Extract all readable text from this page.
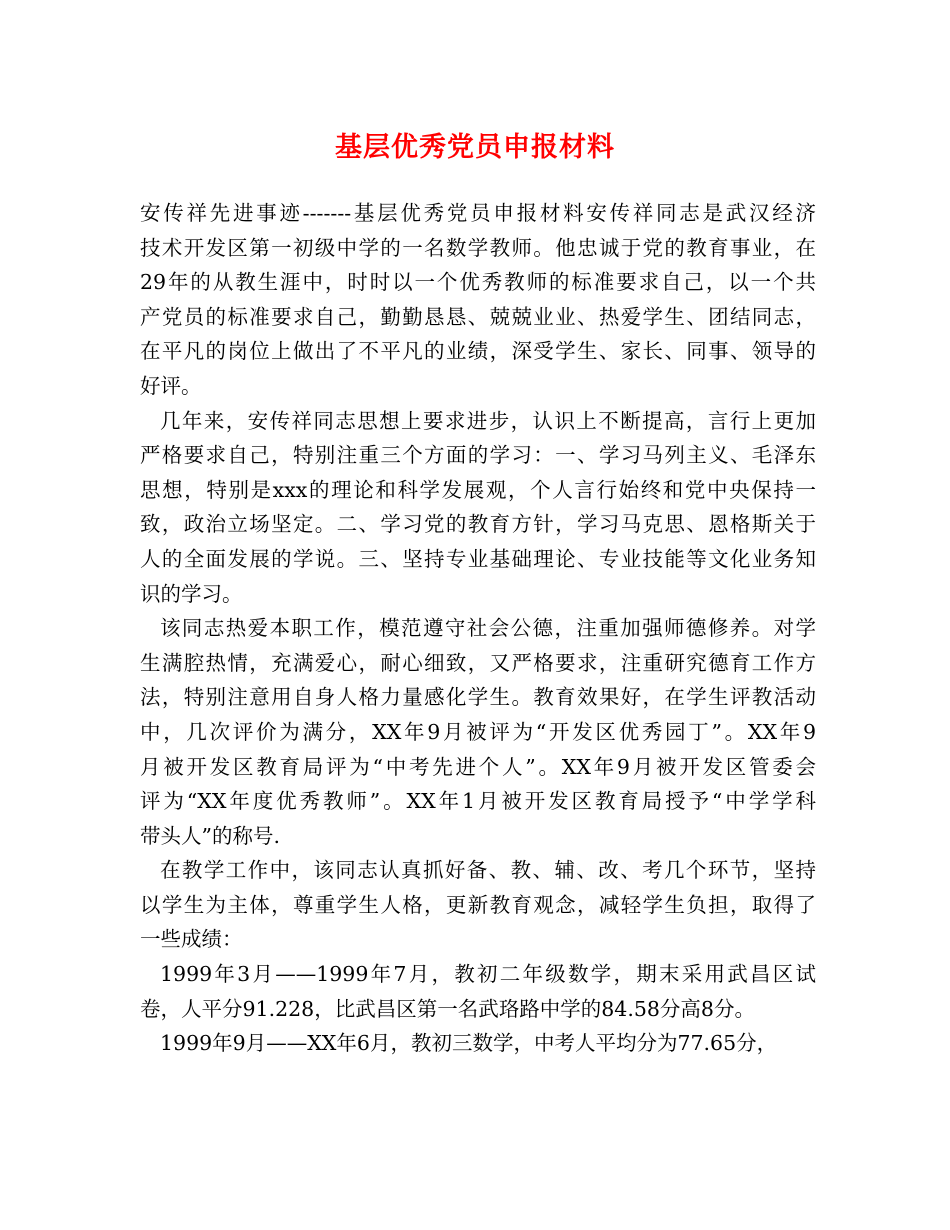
基层优秀党员申报材料

安传祥先进事迹-------基层优秀党员申报材料安传祥同志是武汉经济
技术开发区第一初级中学的一名数学教师。他忠诚于党的教育事业，在
29年的从教生涯中，时时以一个优秀教师的标准要求自己，以一个共
产党员的标准要求自己，勤勤恳恳、兢兢业业、热爱学生、团结同志，
在平凡的岗位上做出了不平凡的业绩，深受学生、家长、同事、领导的
好评。

几年来，安传祥同志思想上要求进步，认识上不断提高，言行上更加
严格要求自己，特别注重三个方面的学习：一、学习马列主义、毛泽东
思想，特别是xxx的理论和科学发展观，个人言行始终和党中央保持一
致，政治立场坚定。二、学习党的教育方针，学习马克思、恩格斯关于
人的全面发展的学说。三、坚持专业基础理论、专业技能等文化业务知
识的学习。

该同志热爱本职工作，模范遵守社会公德，注重加强师德修养。对学
生满腔热情，充满爱心，耐心细致，又严格要求，注重研究德育工作方
法，特别注意用自身人格力量感化学生。教育效果好，在学生评教活动
中，几次评价为满分，XX年9月被评为“开发区优秀园丁”。XX年9
月被开发区教育局评为“中考先进个人”。XX年9月被开发区管委会
评为“XX年度优秀教师”。XX年1月被开发区教育局授予“中学学科
带头人”的称号.

在教学工作中，该同志认真抓好备、教、辅、改、考几个环节，坚持
以学生为主体，尊重学生人格，更新教育观念，减轻学生负担，取得了
一些成绩：

1999年3月——1999年7月，教初二年级数学，期末采用武昌区试
卷，人平分91.228，比武昌区第一名武珞路中学的84.58分高8分。

1999年9月——XX年6月，教初三数学，中考人平均分为77.65分，
